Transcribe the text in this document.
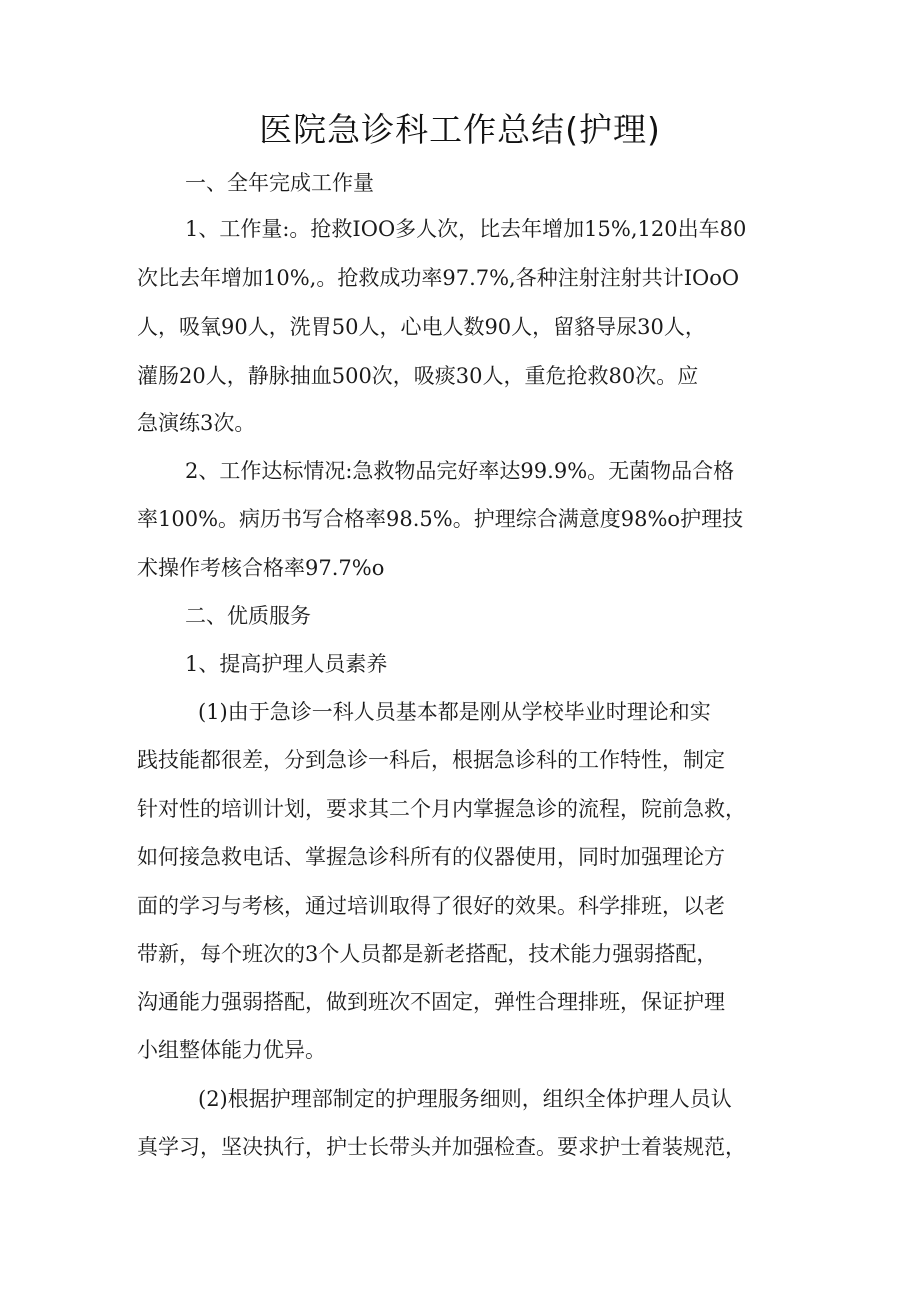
医院急诊科工作总结(护理)
一、全年完成工作量
1、工作量:。抢救IOO多人次，比去年增加15%,120出车80
次比去年增加10%,。抢救成功率97.7%,各种注射注射共计IOoO
人，吸氧90人，洗胃50人，心电人数90人，留貉导尿30人，
灌肠20人，静脉抽血500次，吸痰30人，重危抢救80次。应
急演练3次。
2、工作达标情况:急救物品完好率达99.9%。无菌物品合格
率100%。病历书写合格率98.5%。护理综合满意度98%o护理技
术操作考核合格率97.7%o
二、优质服务
1、提高护理人员素养
(1)由于急诊一科人员基本都是刚从学校毕业时理论和实
践技能都很差，分到急诊一科后，根据急诊科的工作特性，制定
针对性的培训计划，要求其二个月内掌握急诊的流程，院前急救，
如何接急救电话、掌握急诊科所有的仪器使用，同时加强理论方
面的学习与考核，通过培训取得了很好的效果。科学排班，以老
带新，每个班次的3个人员都是新老搭配，技术能力强弱搭配，
沟通能力强弱搭配，做到班次不固定，弹性合理排班，保证护理
小组整体能力优异。
(2)根据护理部制定的护理服务细则，组织全体护理人员认
真学习，坚决执行，护士长带头并加强检查。要求护士着装规范，
